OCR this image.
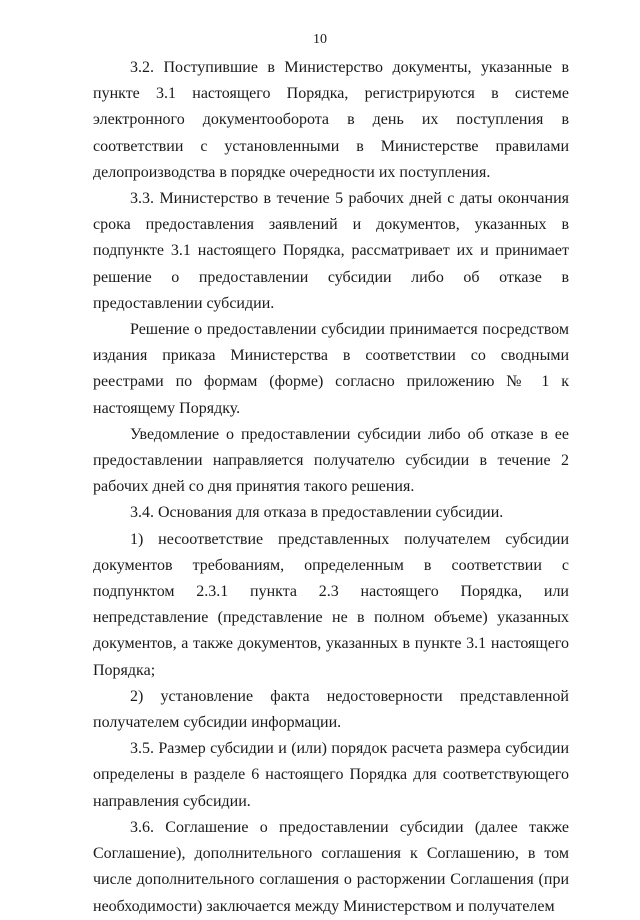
10

3.2. Поступившие в Министерство документы, указанные в пункте 3.1 настоящего Порядка, регистрируются в системе электронного документооборота в день их поступления в соответствии с установленными в Министерстве правилами делопроизводства в порядке очередности их поступления.

3.3. Министерство в течение 5 рабочих дней с даты окончания срока предоставления заявлений и документов, указанных в подпункте 3.1 настоящего Порядка, рассматривает их и принимает решение о предоставлении субсидии либо об отказе в предоставлении субсидии.

Решение о предоставлении субсидии принимается посредством издания приказа Министерства в соответствии со сводными реестрами по формам (форме) согласно приложению № 1 к настоящему Порядку.

Уведомление о предоставлении субсидии либо об отказе в ее предоставлении направляется получателю субсидии в течение 2 рабочих дней со дня принятия такого решения.

3.4. Основания для отказа в предоставлении субсидии.

1) несоответствие представленных получателем субсидии документов требованиям, определенным в соответствии с подпунктом 2.3.1 пункта 2.3 настоящего Порядка, или непредставление (представление не в полном объеме) указанных документов, а также документов, указанных в пункте 3.1 настоящего Порядка;

2) установление факта недостоверности представленной получателем субсидии информации.

3.5. Размер субсидии и (или) порядок расчета размера субсидии определены в разделе 6 настоящего Порядка для соответствующего направления субсидии.

3.6. Соглашение о предоставлении субсидии (далее также Соглашение), дополнительного соглашения к Соглашению, в том числе дополнительного соглашения о расторжении Соглашения (при необходимости) заключается между Министерством и получателем
